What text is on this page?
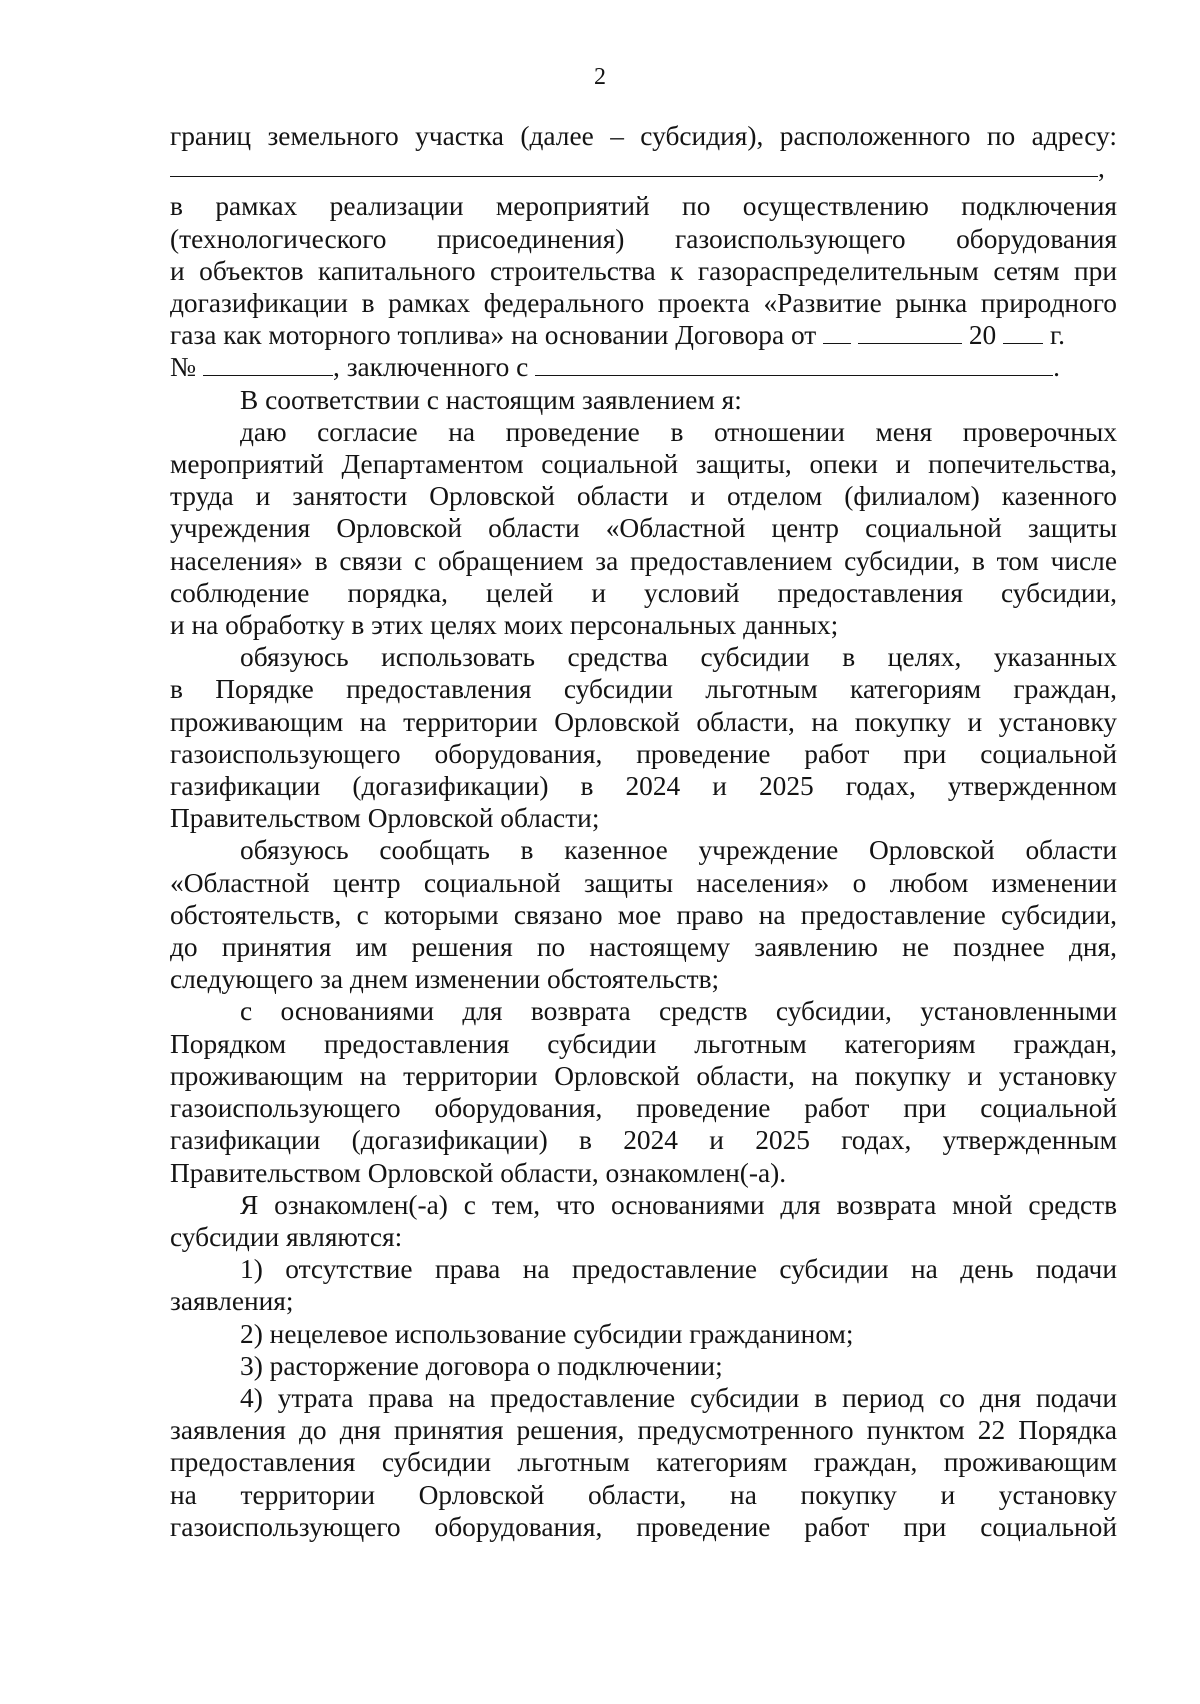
2
границ земельного участка (далее – субсидия), расположенного по адресу:
,
в рамках реализации мероприятий по осуществлению подключения
(технологического присоединения) газоиспользующего оборудования
и объектов капитального строительства к газораспределительным сетям при
догазификации в рамках федерального проекта «Развитие рынка природного
газа как моторного топлива» на основании Договора от	20 г.
№	, заключенного с	.
В соответствии с настоящим заявлением я:
даю согласие на проведение в отношении меня проверочных
мероприятий Департаментом социальной защиты, опеки и попечительства,
труда и занятости Орловской области и отделом (филиалом) казенного
учреждения Орловской области «Областной центр социальной защиты
населения» в связи с обращением за предоставлением субсидии, в том числе
соблюдение порядка, целей и условий предоставления субсидии,
и на обработку в этих целях моих персональных данных;
обязуюсь использовать средства субсидии в целях, указанных
в Порядке предоставления субсидии льготным категориям граждан,
проживающим на территории Орловской области, на покупку и установку
газоиспользующего оборудования, проведение работ при социальной
газификации (догазификации) в 2024 и 2025 годах, утвержденном
Правительством Орловской области;
обязуюсь сообщать в казенное учреждение Орловской области
«Областной центр социальной защиты населения» о любом изменении
обстоятельств, с которыми связано мое право на предоставление субсидии,
до принятия им решения по настоящему заявлению не позднее дня,
следующего за днем изменении обстоятельств;
с основаниями для возврата средств субсидии, установленными
Порядком предоставления субсидии льготным категориям граждан,
проживающим на территории Орловской области, на покупку и установку
газоиспользующего оборудования, проведение работ при социальной
газификации (догазификации) в 2024 и 2025 годах, утвержденным
Правительством Орловской области, ознакомлен(-а).
Я ознакомлен(-а) с тем, что основаниями для возврата мной средств
субсидии являются:
1) отсутствие права на предоставление субсидии на день подачи
заявления;
2) нецелевое использование субсидии гражданином;
3) расторжение договора о подключении;
4) утрата права на предоставление субсидии в период со дня подачи
заявления до дня принятия решения, предусмотренного пунктом 22 Порядка
предоставления субсидии льготным категориям граждан, проживающим
на территории Орловской области, на покупку и установку
газоиспользующего оборудования, проведение работ при социальной
